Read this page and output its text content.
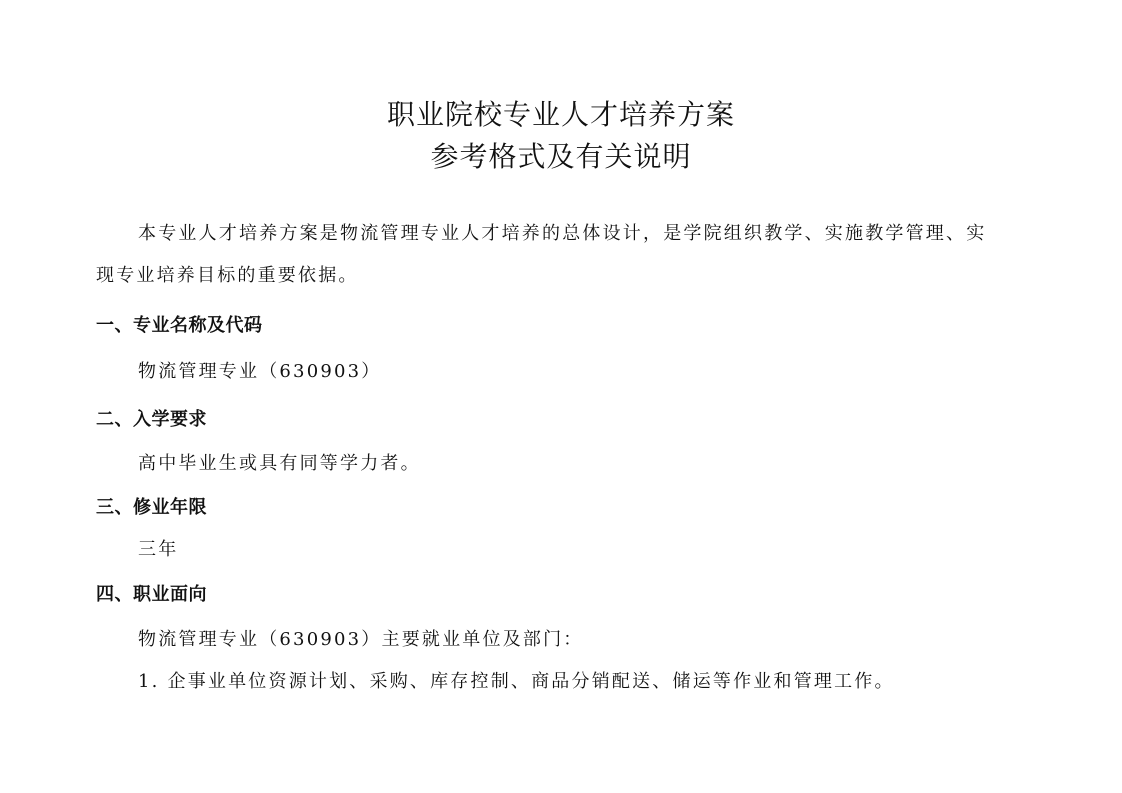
职业院校专业人才培养方案
参考格式及有关说明
本专业人才培养方案是物流管理专业人才培养的总体设计，是学院组织教学、实施教学管理、实
现专业培养目标的重要依据。
一、专业名称及代码
物流管理专业（630903）
二、入学要求
高中毕业生或具有同等学力者。
三、修业年限
三年
四、职业面向
物流管理专业（630903）主要就业单位及部门：
1. 企事业单位资源计划、采购、库存控制、商品分销配送、储运等作业和管理工作。
